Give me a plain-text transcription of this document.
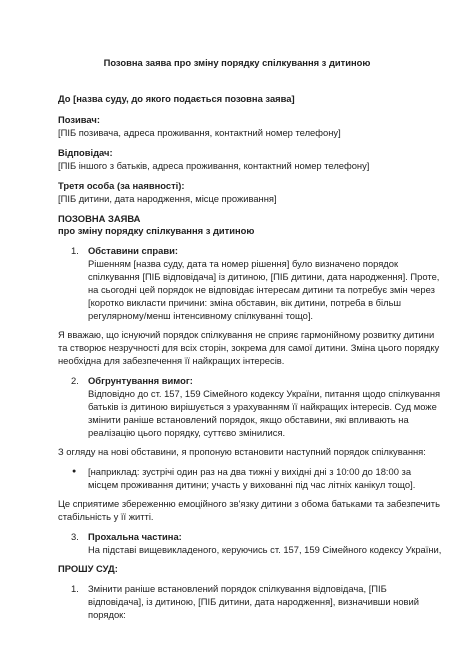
Позовна заява про зміну порядку спілкування з дитиною
До [назва суду, до якого подається позовна заява]
Позивач:
[ПІБ позивача, адреса проживання, контактний номер телефону]
Відповідач:
[ПІБ іншого з батьків, адреса проживання, контактний номер телефону]
Третя особа (за наявності):
[ПІБ дитини, дата народження, місце проживання]
ПОЗОВНА ЗАЯВА
про зміну порядку спілкування з дитиною
1. Обставини справи:
Рішенням [назва суду, дата та номер рішення] було визначено порядок
спілкування [ПІБ відповідача] із дитиною, [ПІБ дитини, дата народження]. Проте,
на сьогодні цей порядок не відповідає інтересам дитини та потребує змін через
[коротко викласти причини: зміна обставин, вік дитини, потреба в більш
регулярному/менш інтенсивному спілкуванні тощо].
Я вважаю, що існуючий порядок спілкування не сприяє гармонійному розвитку дитини
та створює незручності для всіх сторін, зокрема для самої дитини. Зміна цього порядку
необхідна для забезпечення її найкращих інтересів.
2. Обгрунтування вимог:
Відповідно до ст. 157, 159 Сімейного кодексу України, питання щодо спілкування
батьків із дитиною вирішується з урахуванням її найкращих інтересів. Суд може
змінити раніше встановлений порядок, якщо обставини, які впливають на
реалізацію цього порядку, суттєво змінилися.
З огляду на нові обставини, я пропоную встановити наступний порядок спілкування:
● [наприклад: зустрічі один раз на два тижні у вихідні дні з 10:00 до 18:00 за
місцем проживання дитини; участь у вихованні під час літніх канікул тощо].
Це сприятиме збереженню емоційного зв'язку дитини з обома батьками та забезпечить
стабільність у її житті.
3. Прохальна частина:
На підставі вищевикладеного, керуючись ст. 157, 159 Сімейного кодексу України,
ПРОШУ СУД:
1. Змінити раніше встановлений порядок спілкування відповідача, [ПІБ
відповідача], із дитиною, [ПІБ дитини, дата народження], визначивши новий
порядок:
